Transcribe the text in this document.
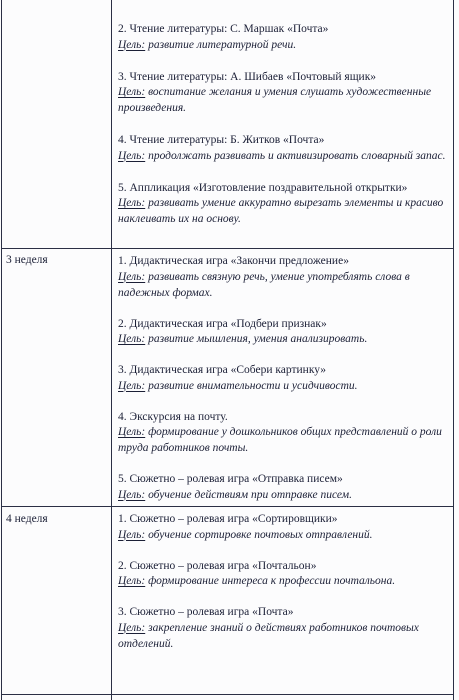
3 неделя
4 неделя
2. Чтение литературы: С. Маршак «Почта»
Цель: развитие литературной речи.
3. Чтение литературы: А. Шибаев «Почтовый ящик»
Цель: воспитание желания и умения слушать художественные произведения.
4. Чтение литературы: Б. Житков «Почта»
Цель: продолжать развивать и активизировать словарный запас.
5. Аппликация «Изготовление поздравительной открытки»
Цель: развивать умение аккуратно вырезать элементы и красиво наклеивать их на основу.
1. Дидактическая игра «Закончи предложение»
Цель: развивать связную речь, умение употреблять слова в падежных формах.
2. Дидактическая игра «Подбери признак»
Цель: развитие мышления, умения анализировать.
3. Дидактическая игра «Собери картинку»
Цель: развитие внимательности и усидчивости.
4. Экскурсия на почту.
Цель: формирование у дошкольников общих представлений о роли труда работников почты.
5. Сюжетно – ролевая игра «Отправка писем»
Цель: обучение действиям при отправке писем.
1. Сюжетно – ролевая игра «Сортировщики»
Цель: обучение сортировке почтовых отправлений.
2. Сюжетно – ролевая игра «Почтальон»
Цель: формирование интереса к профессии почтальона.
3. Сюжетно – ролевая игра «Почта»
Цель: закрепление знаний о действиях работников почтовых отделений.
